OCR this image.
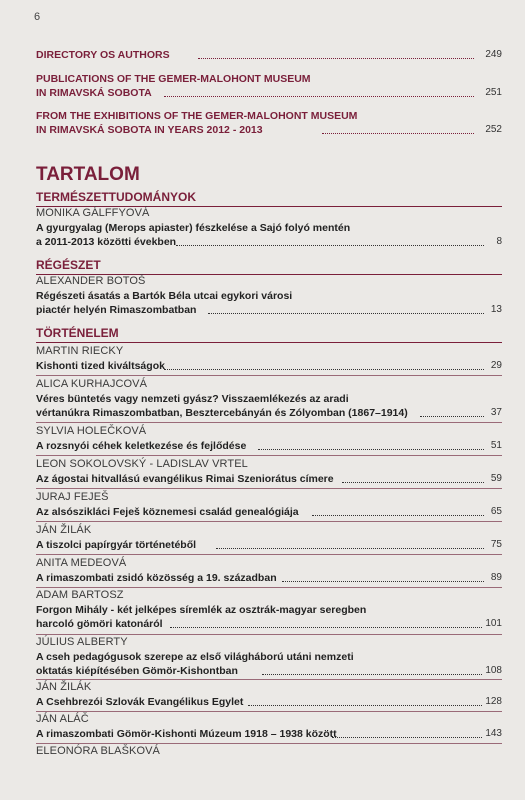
6
DIRECTORY OS AUTHORS	249
PUBLICATIONS OF THE GEMER-MALOHONT MUSEUM
IN RIMAVSKÁ SOBOTA	251
FROM THE EXHIBITIONS OF THE GEMER-MALOHONT MUSEUM
IN RIMAVSKÁ SOBOTA IN YEARS 2012 - 2013	252
TARTALOM
TERMÉSZETTUDOMÁNYOK
MONIKA GÁLFFYOVÁ
A gyurgyalag (Merops apiaster) fészkelése a Sajó folyó mentén
a 2011-2013 közötti években	8
RÉGÉSZET
ALEXANDER BOTOŠ
Régészeti ásatás a Bartók Béla utcai egykori városi
piactér helyén Rimaszombatban	13
TÖRTÉNELEM
MARTIN RIECKY
Kishonti tized kiváltságok	29
ALICA KURHAJCOVÁ
Véres büntetés vagy nemzeti gyász? Visszaemlékezés az aradi
vértanúkra Rimaszombatban, Besztercebányán és Zólyomban (1867–1914)	37
SYLVIA HOLEČKOVÁ
A rozsnyói céhek keletkezése és fejlődése	51
LEON SOKOLOVSKÝ - LADISLAV VRTEL
Az ágostai hitvallású evangélikus Rimai Szeniorátus címere	59
JURAJ FEJEŠ
Az alsószikláci Feješ köznemesi család genealógiája	65
JÁN ŽILÁK
A tiszolci papírgyár történetéből	75
ANITA MEDEOVÁ
A rimaszombati zsidó közösség a 19. században	89
ADAM BARTOSZ
Forgon Mihály - két jelképes síremlék az osztrák-magyar seregben
harcoló gömöri katonáról	101
JÚLIUS ALBERTY
A cseh pedagógusok szerepe az első világháború utáni nemzeti
oktatás kiépítésében Gömör-Kishontban	108
JÁN ŽILÁK
A Csehbrezói Szlovák Evangélikus Egylet	128
JÁN ALÁČ
A rimaszombati Gömör-Kishonti Múzeum 1918 – 1938 között	143
ELEONÓRA BLAŠKOVÁ
